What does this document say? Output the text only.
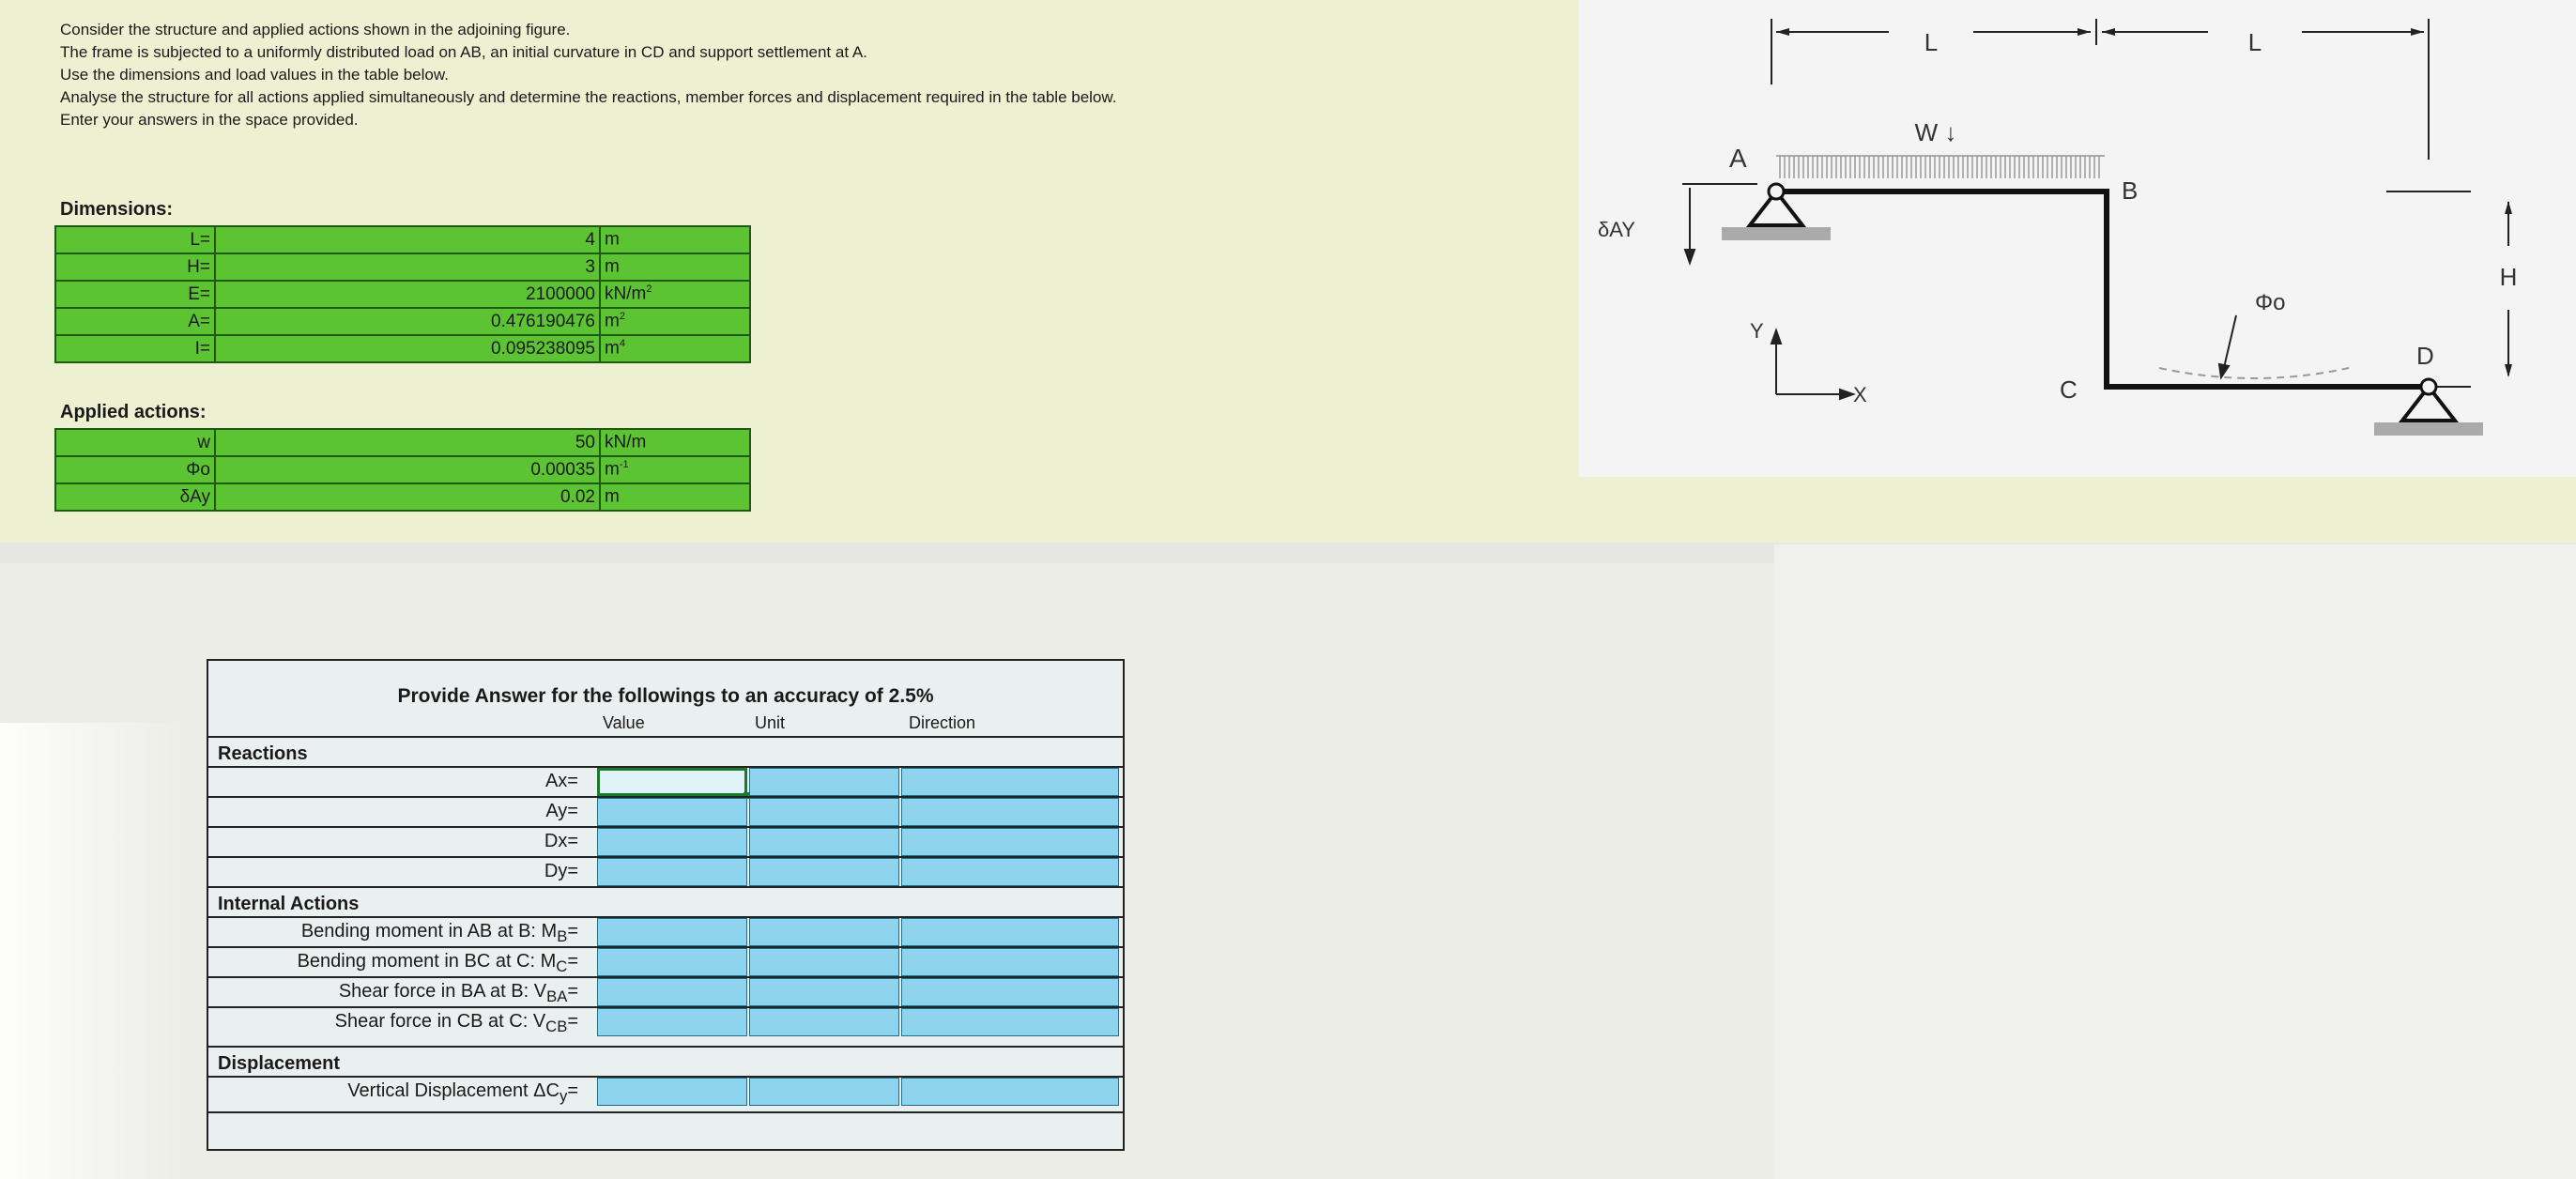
Consider the structure and applied actions shown in the adjoining figure.

The frame is subjected to a uniformly distributed load on AB, an initial curvature in CD and support settlement at A.

Use the dimensions and load values in the table below.

Analyse the structure for all actions applied simultaneously and determine the reactions, member forces and displacement required in the table below.

Enter your answers in the space provided.

Dimensions:
L=	4	m
H=	3	m
E=	2100000	$kN/m^2$
A=	0.476190476	$m^2$
I=	0.095238095	$m^4$
Applied actions:
w	50	kN/m
Φo	0.00035	$m^{-1}$
δAy	0.02	m
Provide Answer for the followings to an accuracy of 2.5%
Value	Unit	Direction
Reactions
Ax=
Ay=
Dx=
Dy=
Internal Actions
Bending moment in AB at B: $M_B=$
Bending moment in BC at C: $M_C=$
Shear force in BA at B: $V_{BA}=$
Shear force in CB at C: $V_{CB}=$
Displacement
Vertical Displacement $\Delta C_y=$
L	L
H
W ↓
A
B
C
D
δAY
Y
X
Φo
